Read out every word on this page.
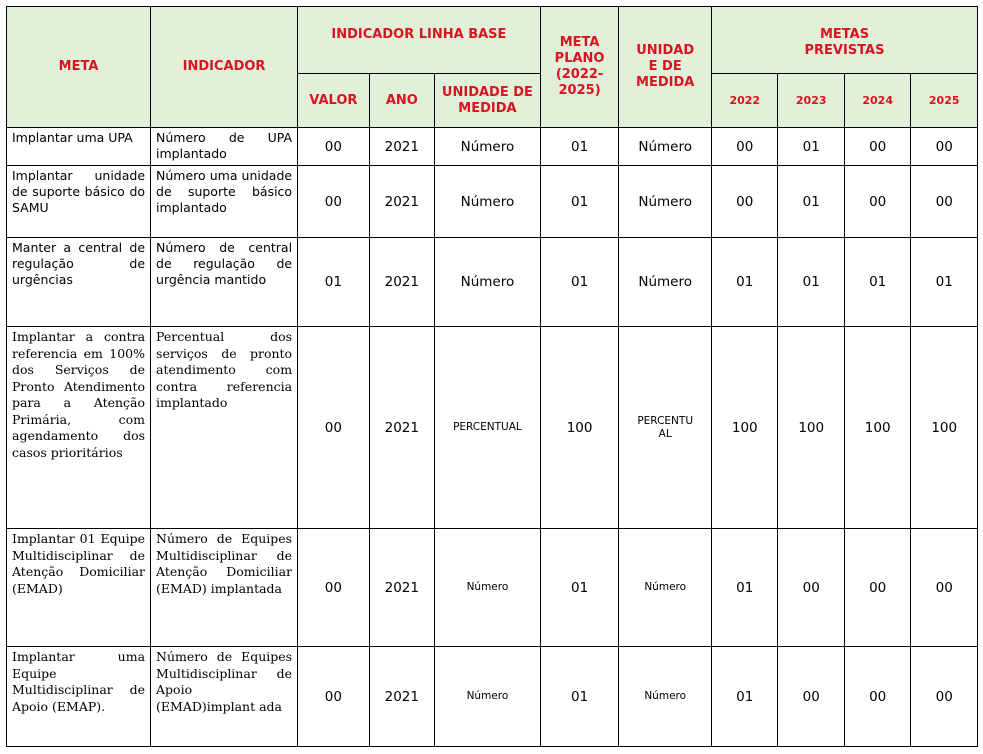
META	INDICADOR	INDICADOR LINHA BASE			META PLANO (2022-2025)	UNIDAD E DE MEDIDA	METAS PREVISTAS			
		VALOR	ANO	UNIDADE DE MEDIDA			2022	2023	2024	2025
Implantar uma UPA	Número de UPA implantado	00	2021	Número	01	Número	00	01	00	00
Implantar unidade de suporte básico do SAMU	Número uma unidade de suporte básico implantado	00	2021	Número	01	Número	00	01	00	00
Manter a central de regulação de urgências	Número de central de regulação de urgência mantido	01	2021	Número	01	Número	01	01	01	01
Implantar a contra referencia em 100% dos Serviços de Pronto Atendimento para a Atenção Primária, com agendamento dos casos prioritários	Percentual dos serviços de pronto atendimento com contra referencia implantado	00	2021	PERCENTUAL	100	PERCENTU AL	100	100	100	100
Implantar 01 Equipe Multidisciplinar de Atenção Domiciliar (EMAD)	Número de Equipes Multidisciplinar de Atenção Domiciliar (EMAD) implantada	00	2021	Número	01	Número	01	00	00	00
Implantar uma Equipe Multidisciplinar de Apoio (EMAP).	Número de Equipes Multidisciplinar de Apoio (EMAD)implant ada	00	2021	Número	01	Número	01	00	00	00
